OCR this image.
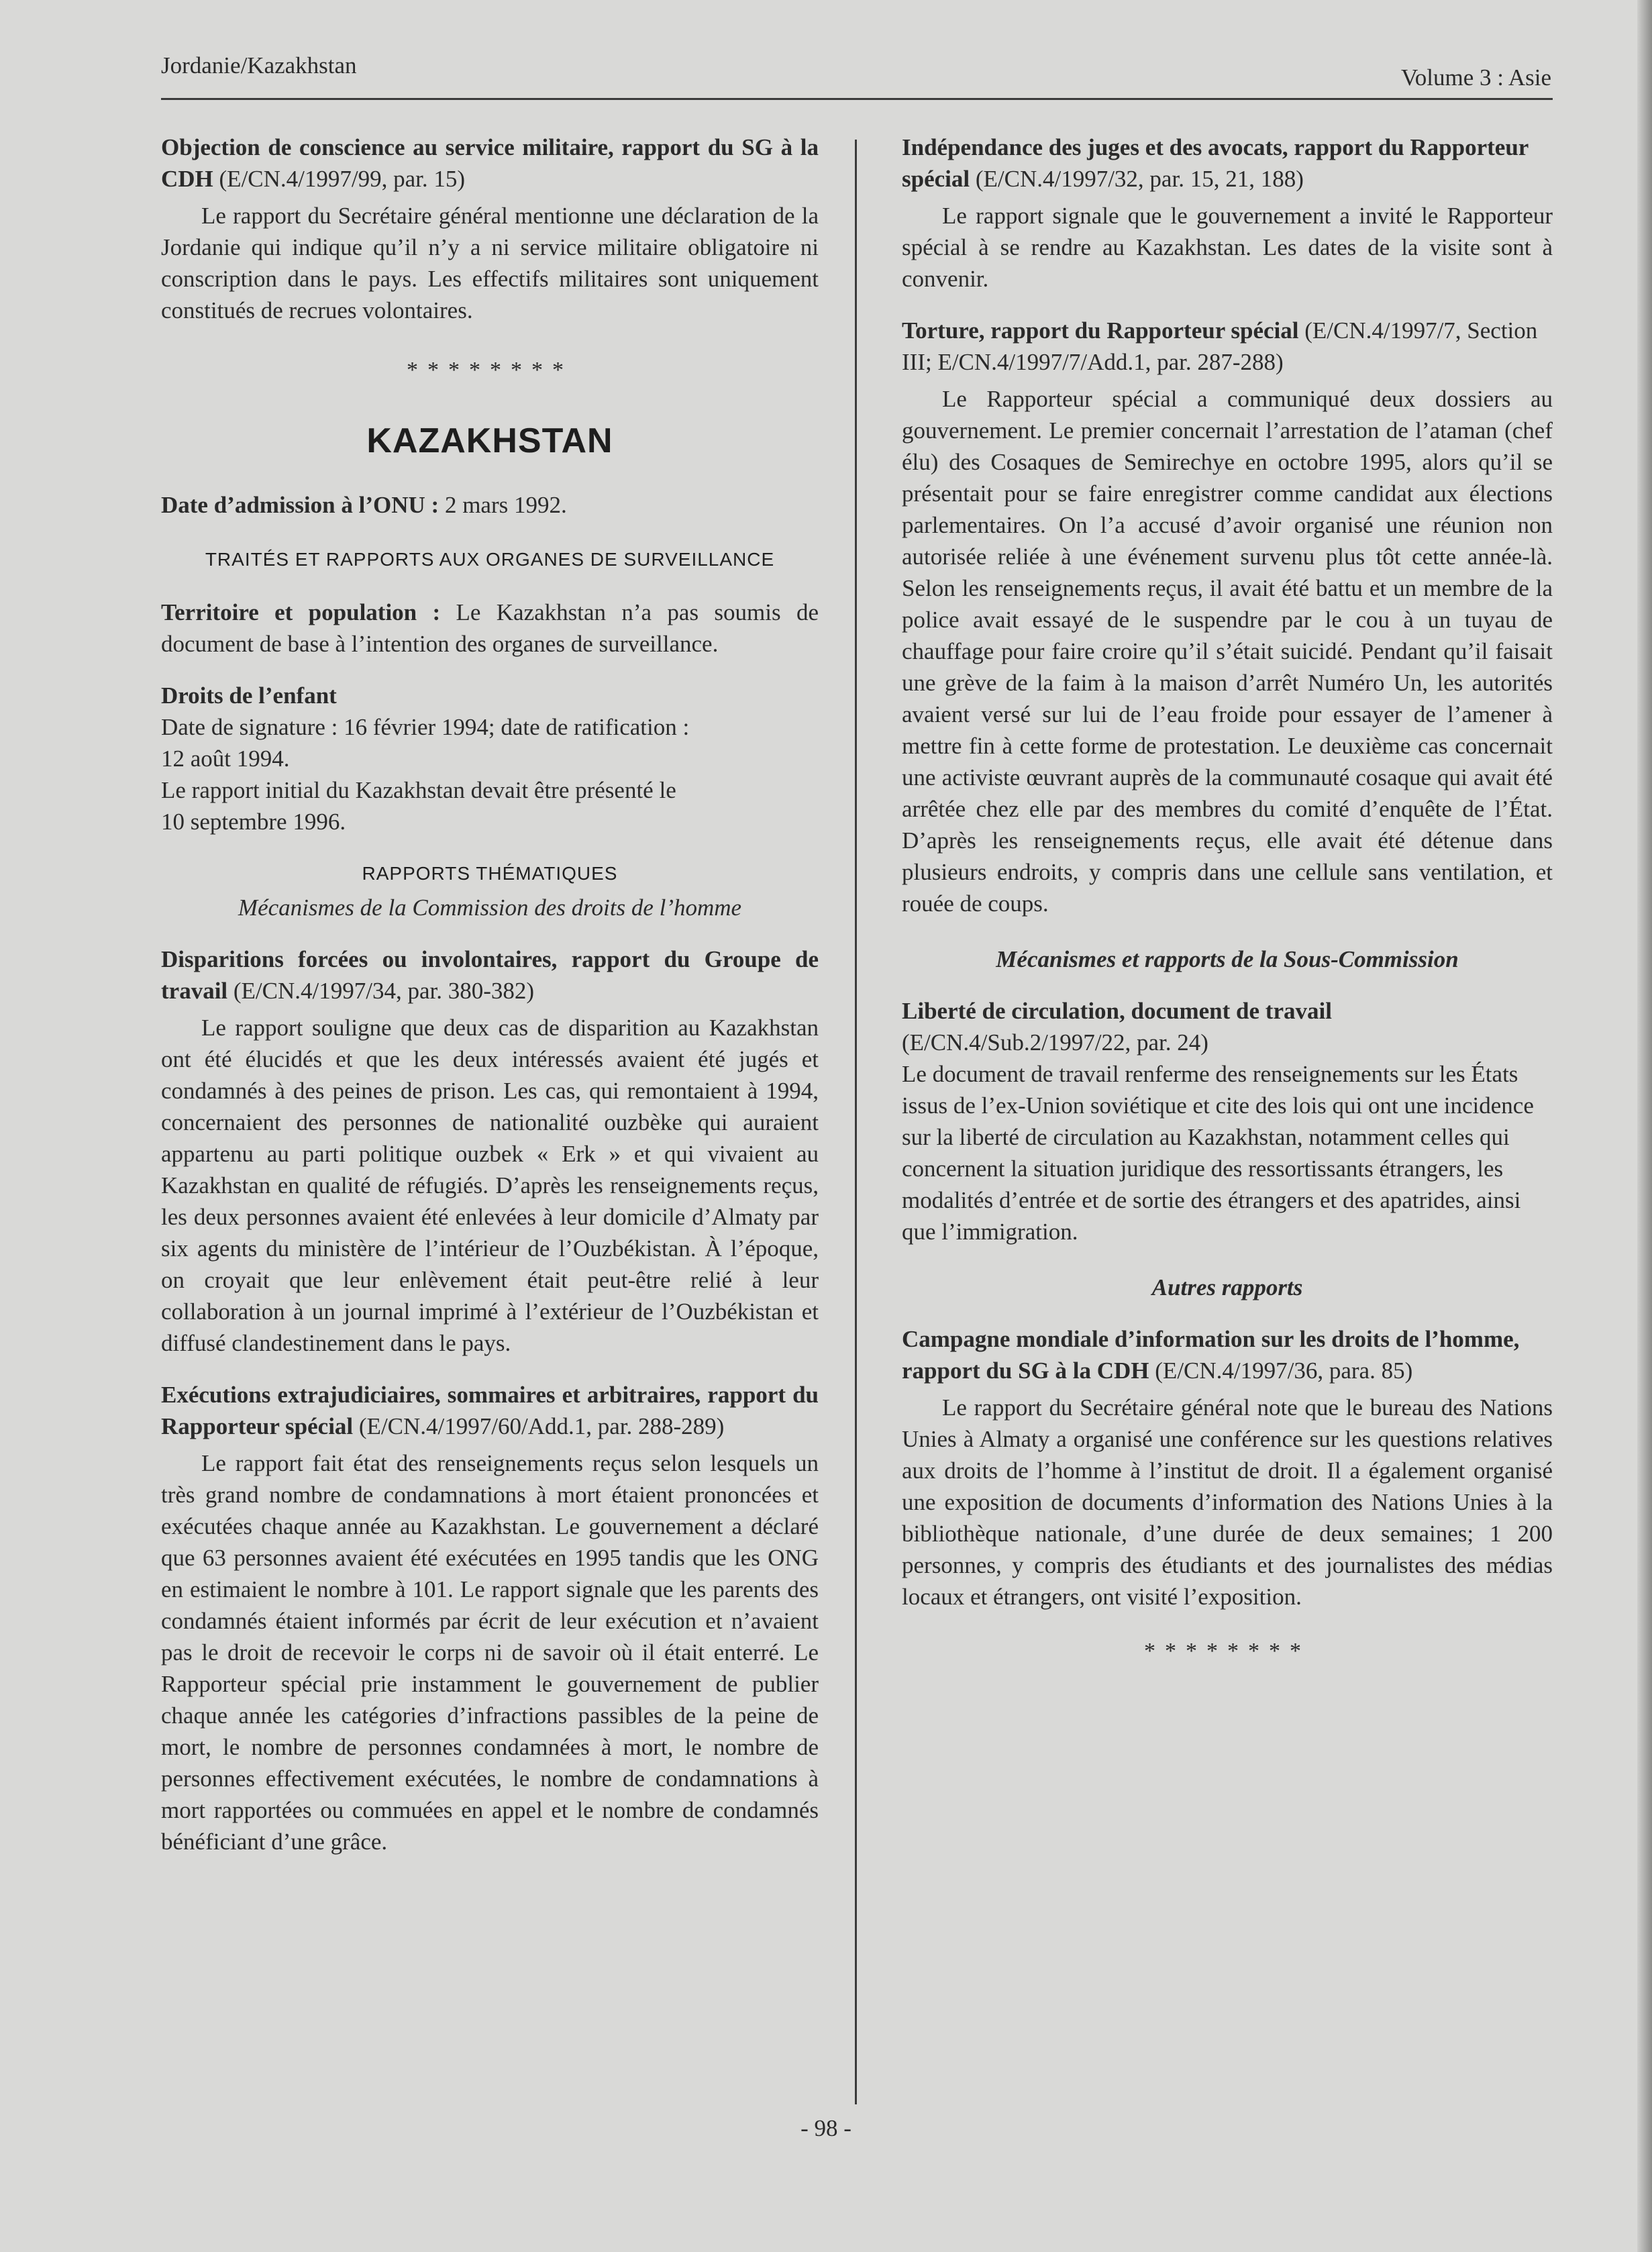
Jordanie/Kazakhstan	Volume 3 : Asie

Objection de conscience au service militaire, rapport du SG à la CDH (E/CN.4/1997/99, par. 15)

Le rapport du Secrétaire général mentionne une déclaration de la Jordanie qui indique qu’il n’y a ni service militaire obligatoire ni conscription dans le pays. Les effectifs militaires sont uniquement constitués de recrues volontaires.

********

KAZAKHSTAN

Date d’admission à l’ONU : 2 mars 1992.

TRAITÉS ET RAPPORTS AUX ORGANES DE SURVEILLANCE

Territoire et population : Le Kazakhstan n’a pas soumis de document de base à l’intention des organes de surveillance.

Droits de l’enfant

Date de signature : 16 février 1994; date de ratification :

12 août 1994.

Le rapport initial du Kazakhstan devait être présenté le

10 septembre 1996.

RAPPORTS THÉMATIQUES

Mécanismes de la Commission des droits de l’homme

Disparitions forcées ou involontaires, rapport du Groupe de travail (E/CN.4/1997/34, par. 380-382)

Le rapport souligne que deux cas de disparition au Kazakhstan ont été élucidés et que les deux intéressés avaient été jugés et condamnés à des peines de prison. Les cas, qui remontaient à 1994, concernaient des personnes de nationalité ouzbèke qui auraient appartenu au parti politique ouzbek « Erk » et qui vivaient au Kazakhstan en qualité de réfugiés. D’après les renseignements reçus, les deux personnes avaient été enlevées à leur domicile d’Almaty par six agents du ministère de l’intérieur de l’Ouzbékistan. À l’époque, on croyait que leur enlèvement était peut-être relié à leur collaboration à un journal imprimé à l’extérieur de l’Ouzbékistan et diffusé clandestinement dans le pays.

Exécutions extrajudiciaires, sommaires et arbitraires, rapport du Rapporteur spécial (E/CN.4/1997/60/Add.1, par. 288-289)

Le rapport fait état des renseignements reçus selon lesquels un très grand nombre de condamnations à mort étaient prononcées et exécutées chaque année au Kazakhstan. Le gouvernement a déclaré que 63 personnes avaient été exécutées en 1995 tandis que les ONG en estimaient le nombre à 101. Le rapport signale que les parents des condamnés étaient informés par écrit de leur exécution et n’avaient pas le droit de recevoir le corps ni de savoir où il était enterré. Le Rapporteur spécial prie instamment le gouvernement de publier chaque année les catégories d’infractions passibles de la peine de mort, le nombre de personnes condamnées à mort, le nombre de personnes effectivement exécutées, le nombre de condamnations à mort rapportées ou commuées en appel et le nombre de condamnés bénéficiant d’une grâce.

Indépendance des juges et des avocats, rapport du Rapporteur spécial (E/CN.4/1997/32, par. 15, 21, 188)

Le rapport signale que le gouvernement a invité le Rapporteur spécial à se rendre au Kazakhstan. Les dates de la visite sont à convenir.

Torture, rapport du Rapporteur spécial (E/CN.4/1997/7, Section III; E/CN.4/1997/7/Add.1, par. 287-288)

Le Rapporteur spécial a communiqué deux dossiers au gouvernement. Le premier concernait l’arrestation de l’ataman (chef élu) des Cosaques de Semirechye en octobre 1995, alors qu’il se présentait pour se faire enregistrer comme candidat aux élections parlementaires. On l’a accusé d’avoir organisé une réunion non autorisée reliée à une événement survenu plus tôt cette année-là. Selon les renseignements reçus, il avait été battu et un membre de la police avait essayé de le suspendre par le cou à un tuyau de chauffage pour faire croire qu’il s’était suicidé. Pendant qu’il faisait une grève de la faim à la maison d’arrêt Numéro Un, les autorités avaient versé sur lui de l’eau froide pour essayer de l’amener à mettre fin à cette forme de protestation. Le deuxième cas concernait une activiste œuvrant auprès de la communauté cosaque qui avait été arrêtée chez elle par des membres du comité d’enquête de l’État. D’après les renseignements reçus, elle avait été détenue dans plusieurs endroits, y compris dans une cellule sans ventilation, et rouée de coups.

Mécanismes et rapports de la Sous-Commission

Liberté de circulation, document de travail (E/CN.4/Sub.2/1997/22, par. 24)

Le document de travail renferme des renseignements sur les États issus de l’ex-Union soviétique et cite des lois qui ont une incidence sur la liberté de circulation au Kazakhstan, notamment celles qui concernent la situation juridique des ressortissants étrangers, les modalités d’entrée et de sortie des étrangers et des apatrides, ainsi que l’immigration.

Autres rapports

Campagne mondiale d’information sur les droits de l’homme, rapport du SG à la CDH (E/CN.4/1997/36, para. 85)

Le rapport du Secrétaire général note que le bureau des Nations Unies à Almaty a organisé une conférence sur les questions relatives aux droits de l’homme à l’institut de droit. Il a également organisé une exposition de documents d’information des Nations Unies à la bibliothèque nationale, d’une durée de deux semaines; 1 200 personnes, y compris des étudiants et des journalistes des médias locaux et étrangers, ont visité l’exposition.

********

- 98 -
